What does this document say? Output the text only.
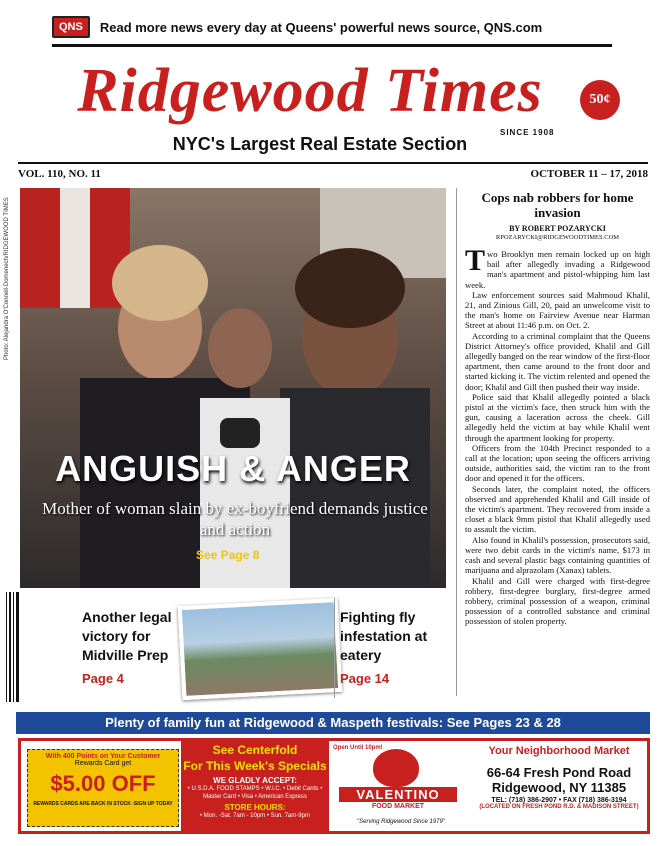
QNS	Read more news every day at Queens' powerful news source, QNS.com
Ridgewood Times	50¢
SINCE 1908
NYC's Largest Real Estate Section
VOL. 110, NO. 11	OCTOBER 11 – 17, 2018
Photo: Alejandra O'Connell-Domenech/RIDGEWOOD TIMES
ANGUISH & ANGER
Mother of woman slain by ex-boyfriend demands justice and action
See Page 8
Cops nab robbers for home invasion
BY ROBERT POZARYCKI
RPOZARYCKI@RIDGEWOODTIMES.COM

Two Brooklyn men remain locked up on high bail after allegedly invading a Ridgewood man's apartment and pistol-whipping him last week.

Law enforcement sources said Mahmoud Khalil, 21, and Zinious Gill, 20, paid an unwelcome visit to the man's home on Fairview Avenue near Harman Street at about 11:46 p.m. on Oct. 2.

According to a criminal complaint that the Queens District Attorney's office provided, Khalil and Gill allegedly banged on the rear window of the first-floor apartment, then came around to the front door and started kicking it. The victim relented and opened the door; Khalil and Gill then pushed their way inside.

Police said that Khalil allegedly pointed a black pistol at the victim's face, then struck him with the gun, causing a laceration across the cheek. Gill allegedly held the victim at bay while Khalil went through the apartment looking for property.

Officers from the 104th Precinct responded to a call at the location; upon seeing the officers arriving outside, authorities said, the victim ran to the front door and opened it for the officers.

Seconds later, the complaint noted, the officers observed and apprehended Khalil and Gill inside of the victim's apartment. They recovered from inside a closet a black 9mm pistol that Khalil allegedly used to assault the victim.

Also found in Khalil's possession, prosecutors said, were two debit cards in the victim's name, $173 in cash and several plastic bags containing quantities of marijuana and alprazolam (Xanax) tablets.

Khalil and Gill were charged with first-degree robbery, first-degree burglary, first-degree armed robbery, criminal possession of a weapon, criminal possession of a controlled substance and criminal possession of stolen property.

Another legal victory for Midville Prep
Page 4
Fighting fly infestation at eatery
Page 14
Plenty of family fun at Ridgewood & Maspeth festivals: See Pages 23 & 28
With 400 Points on Your Customer
Rewards Card get
$5.00 OFF
REWARDS CARDS ARE BACK IN STOCK -SIGN UP TODAY
See Centerfold
For This Week's Specials
WE GLADLY ACCEPT:
• U.S.D.A. FOOD STAMPS • W.I.C. • Debit Cards • Master Card • Visa • American Express
STORE HOURS:
• Mon. -Sat. 7am - 10pm • Sun. 7am-9pm
Open Until 10pm!
VALENTINO
FOOD MARKET
"Serving Ridgewood Since 1979"
Your Neighborhood Market
66-64 Fresh Pond Road
Ridgewood, NY 11385
TEL: (718) 386-2907 • FAX (718) 386-3194
(LOCATED ON FRESH POND R.D. & MADISON STREET)
